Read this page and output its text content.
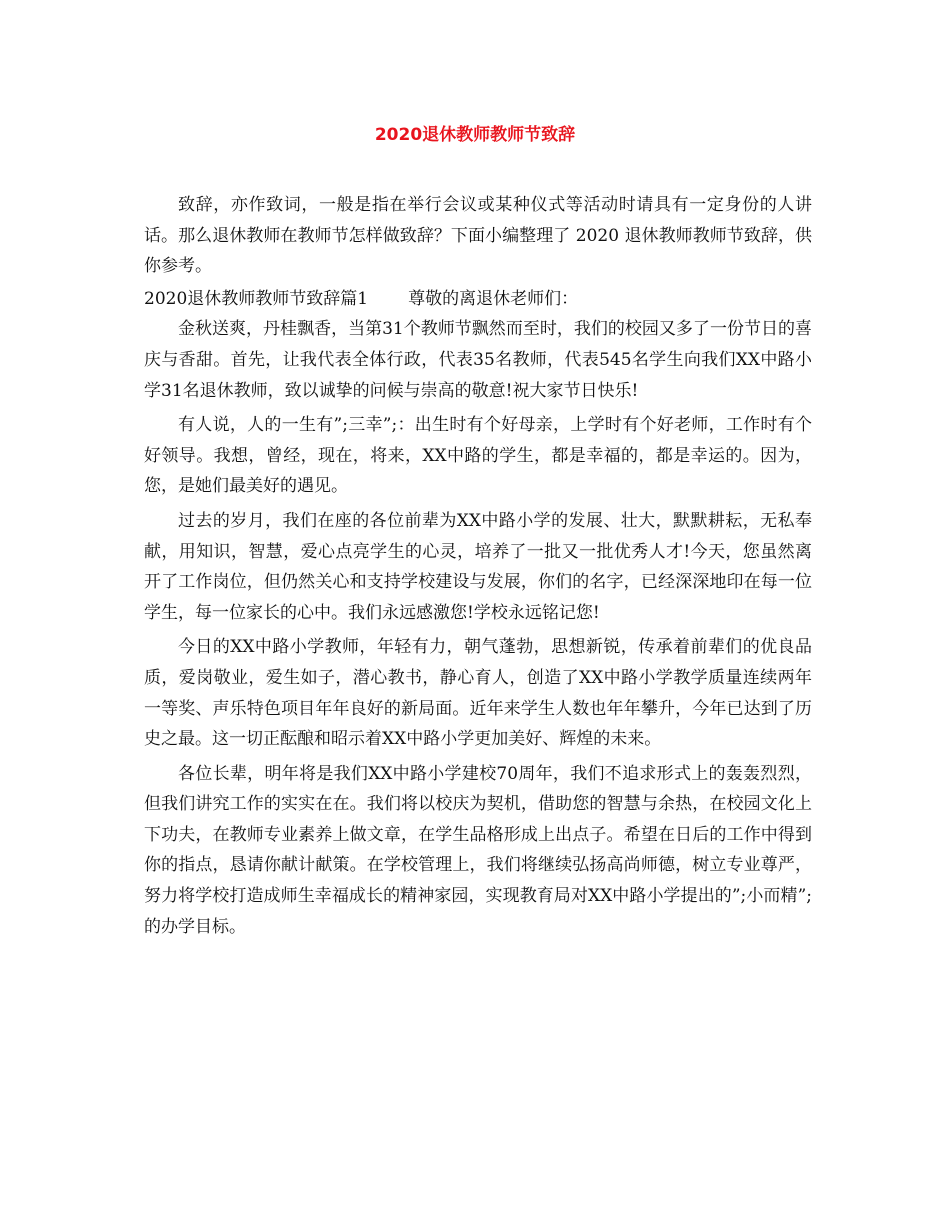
2020退休教师教师节致辞

致辞，亦作致词，一般是指在举行会议或某种仪式等活动时请具有一定身份的人讲话。那么退休教师在教师节怎样做致辞？下面小编整理了 2020 退休教师教师节致辞，供你参考。

2020退休教师教师节致辞篇1 尊敬的离退休老师们：

金秋送爽，丹桂飘香，当第31个教师节飘然而至时，我们的校园又多了一份节日的喜庆与香甜。首先，让我代表全体行政，代表35名教师，代表545名学生向我们XX中路小学31名退休教师，致以诚挚的问候与崇高的敬意!祝大家节日快乐!

有人说，人的一生有”;三幸”;：出生时有个好母亲，上学时有个好老师，工作时有个好领导。我想，曾经，现在，将来，XX中路的学生，都是幸福的，都是幸运的。因为，您，是她们最美好的遇见。

过去的岁月，我们在座的各位前辈为XX中路小学的发展、壮大，默默耕耘，无私奉献，用知识，智慧，爱心点亮学生的心灵，培养了一批又一批优秀人才!今天，您虽然离开了工作岗位，但仍然关心和支持学校建设与发展，你们的名字，已经深深地印在每一位学生，每一位家长的心中。我们永远感激您!学校永远铭记您!

今日的XX中路小学教师，年轻有力，朝气蓬勃，思想新锐，传承着前辈们的优良品质，爱岗敬业，爱生如子，潜心教书，静心育人，创造了XX中路小学教学质量连续两年一等奖、声乐特色项目年年良好的新局面。近年来学生人数也年年攀升，今年已达到了历史之最。这一切正酝酿和昭示着XX中路小学更加美好、辉煌的未来。

各位长辈，明年将是我们XX中路小学建校70周年，我们不追求形式上的轰轰烈烈，但我们讲究工作的实实在在。我们将以校庆为契机，借助您的智慧与余热，在校园文化上下功夫，在教师专业素养上做文章，在学生品格形成上出点子。希望在日后的工作中得到你的指点，恳请你献计献策。在学校管理上，我们将继续弘扬高尚师德，树立专业尊严，努力将学校打造成师生幸福成长的精神家园，实现教育局对XX中路小学提出的”;小而精”;的办学目标。
